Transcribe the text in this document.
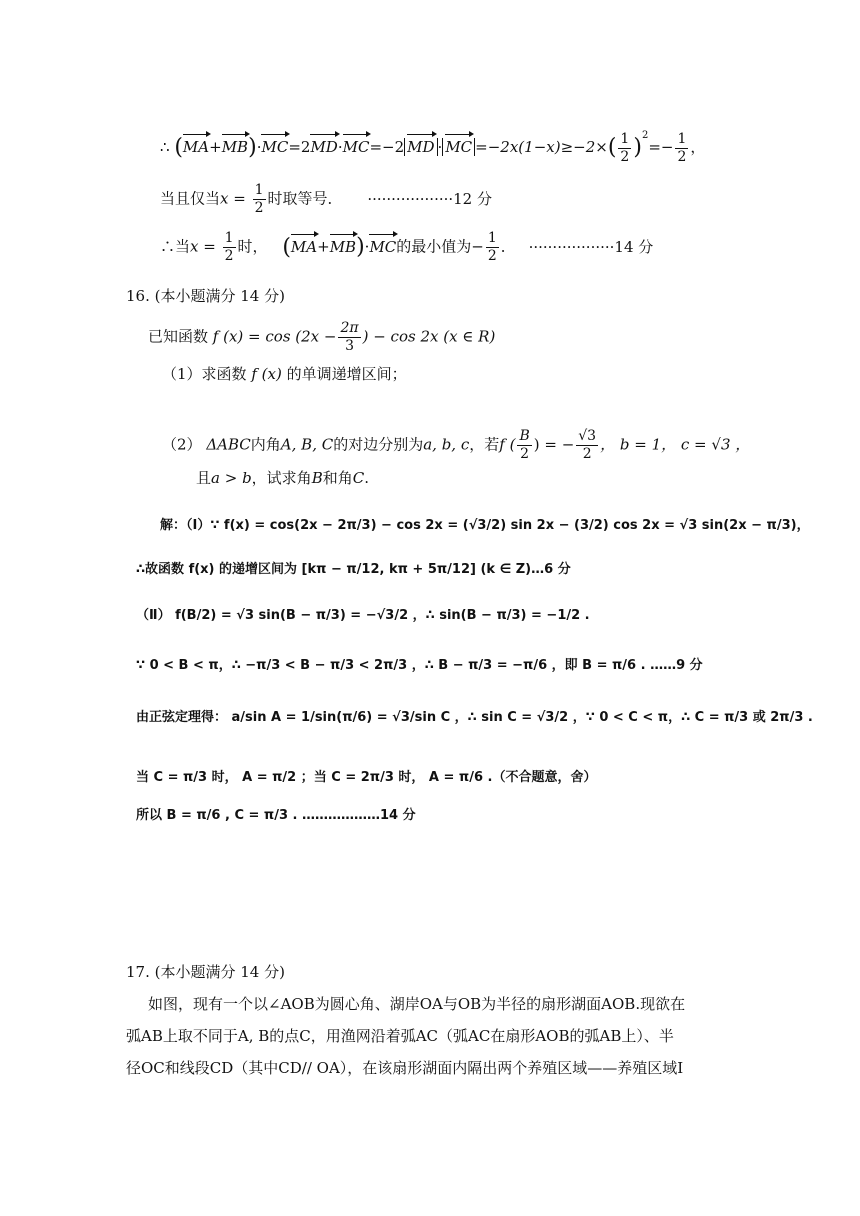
∴ (MA+MB)·MC=2MD·MC=−2 MD · MC $=-2x(1-x)\ge-2\times( \frac{1}{2} )^2=- \frac{1}{2}$ ，
当且仅当$x = \frac{1}{2}$ 时取等号． ··················12 分
∴当$x = \frac{1}{2}$ 时， (MA+MB)·MC的最小值为− $\frac{1}{2}$ ． ··················14 分
16. (本小题满分 14 分)
已知函数 f $(x) = \cos (2x - \frac{2\pi}{3}$ ) − cos 2x (x ∈ R)
（1）求函数 f (x) 的单调递增区间；
（2） ΔABC内角A, B, C的对边分别为a, b, c，若f ( $\frac{B}{2}$ ) = − $\frac{√3}{2}$ ， b = 1， c = √3 ，
且a > b，试求角B和角C.
解：（Ⅰ）∵ f(x) = cos(2x − 2π/3) − cos 2x = (√3/2) sin 2x − (3/2) cos 2x = √3 sin(2x − π/3)，
∴故函数 f(x) 的递增区间为 [kπ − π/12, kπ + 5π/12] (k ∈ Z)…6 分
（Ⅱ） f(B/2) = √3 sin(B − π/3) = −√3/2 ，∴ sin(B − π/3) = −1/2 .
∵ 0 < B < π，∴ −π/3 < B − π/3 < 2π/3 ，∴ B − π/3 = −π/6 ，即 B = π/6 . ……9 分
由正弦定理得： a/sin A = 1/sin(π/6) = √3/sin C ，∴ sin C = √3/2 ，∵ 0 < C < π，∴ C = π/3 或 2π/3 .
当 C = π/3 时， A = π/2 ；当 C = 2π/3 时， A = π/6 .（不合题意，舍）
所以 B = π/6 , C = π/3 . ………………14 分
17. (本小题满分 14 分)
如图，现有一个以∠AOB为圆心角、湖岸OA与OB为半径的扇形湖面AOB.现欲在
弧AB上取不同于A, B的点C，用渔网沿着弧AC（弧AC在扇形AOB的弧AB上）、半
径OC和线段CD（其中CD// OA），在该扇形湖面内隔出两个养殖区域——养殖区域Ⅰ
